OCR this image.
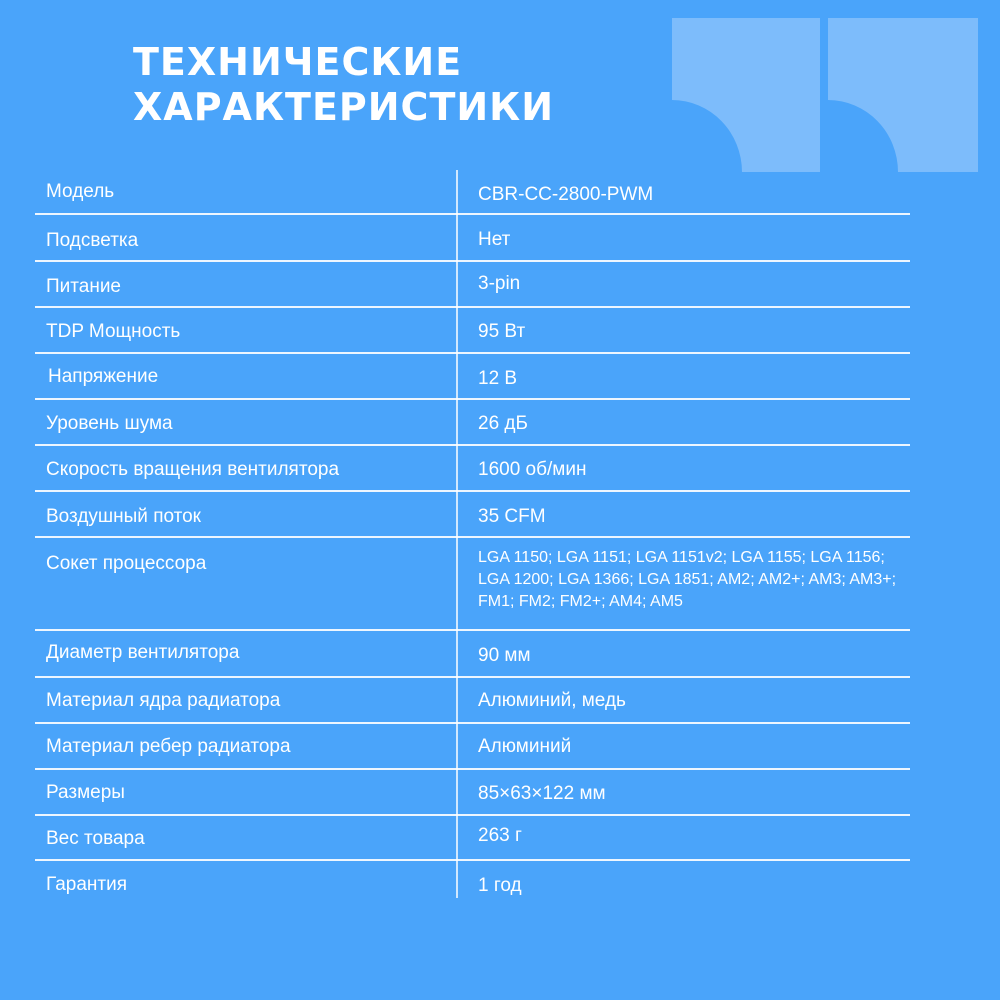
ТЕХНИЧЕСКИЕ
ХАРАКТЕРИСТИКИ
Модель	CBR-CC-2800-PWM
Подсветка	Нет
Питание	3-pin
TDP Мощность	95 Вт
Напряжение	12 В
Уровень шума	26 дБ
Скорость вращения вентилятора	1600 об/мин
Воздушный поток	35 CFM
Сокет процессора	LGA 1150; LGA 1151; LGA 1151v2; LGA 1155; LGA 1156; LGA 1200; LGA 1366; LGA 1851; AM2; AM2+; AM3; AM3+; FM1; FM2; FM2+; AM4; AM5
Диаметр вентилятора	90 мм
Материал ядра радиатора	Алюминий, медь
Материал ребер радиатора	Алюминий
Размеры	85×63×122 мм
Вес товара	263 г
Гарантия	1 год
